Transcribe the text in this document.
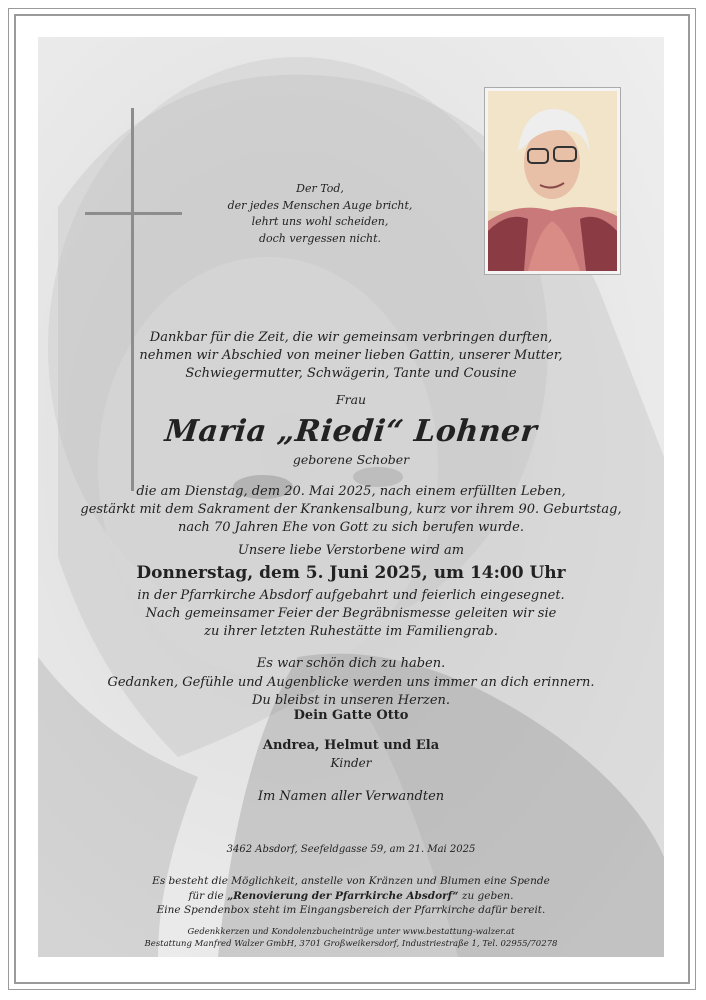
Der Tod,
der jedes Menschen Auge bricht,
lehrt uns wohl scheiden,
doch vergessen nicht.
Dankbar für die Zeit, die wir gemeinsam verbringen durften,
nehmen wir Abschied von meiner lieben Gattin, unserer Mutter,
Schwiegermutter, Schwägerin, Tante und Cousine
Frau
Maria „Riedi“ Lohner
geborene Schober
die am Dienstag, dem 20. Mai 2025, nach einem erfüllten Leben,
gestärkt mit dem Sakrament der Krankensalbung, kurz vor ihrem 90. Geburtstag,
nach 70 Jahren Ehe von Gott zu sich berufen wurde.
Unsere liebe Verstorbene wird am
Donnerstag, dem 5. Juni 2025, um 14:00 Uhr
in der Pfarrkirche Absdorf aufgebahrt und feierlich eingesegnet.
Nach gemeinsamer Feier der Begräbnismesse geleiten wir sie
zu ihrer letzten Ruhestätte im Familiengrab.
Es war schön dich zu haben.
Gedanken, Gefühle und Augenblicke werden uns immer an dich erinnern.
Du bleibst in unseren Herzen.
Dein Gatte Otto
Andrea, Helmut und Ela
Kinder
Im Namen aller Verwandten
3462 Absdorf, Seefeldgasse 59, am 21. Mai 2025
Es besteht die Möglichkeit, anstelle von Kränzen und Blumen eine Spende
für die „Renovierung der Pfarrkirche Absdorf“ zu geben.
Eine Spendenbox steht im Eingangsbereich der Pfarrkirche dafür bereit.
Gedenkkerzen und Kondolenzbucheinträge unter www.bestattung-walzer.at
Bestattung Manfred Walzer GmbH, 3701 Großweikersdorf, Industriestraße 1, Tel. 02955/70278
